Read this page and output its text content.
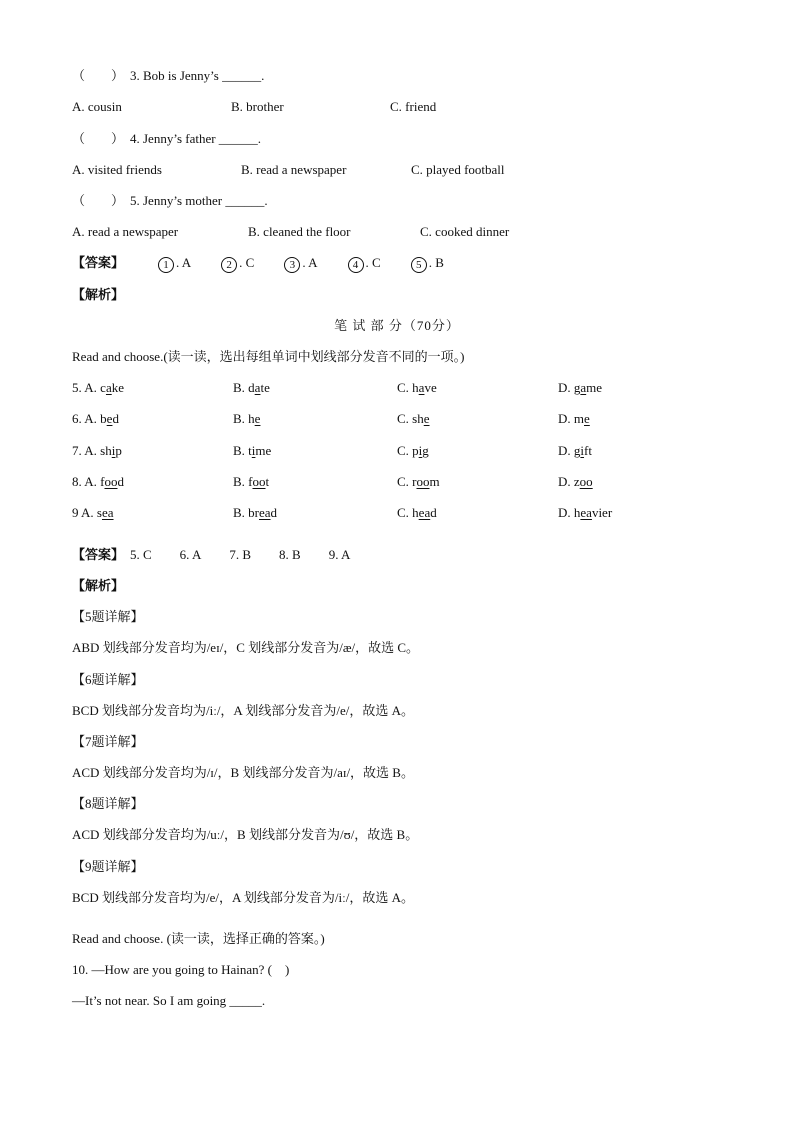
（　　） 3. Bob is Jenny’s ______.
A. cousin	B. brother	C. friend
（　　） 4. Jenny’s father ______.
A. visited friends	B. read a newspaper	C. played football
（　　） 5. Jenny’s mother ______.
A. read a newspaper	B. cleaned the floor	C. cooked dinner
【答案】	1 . A	2 . C	3 . A	4 . C	5 . B
【解析】
笔 试 部 分（70分）
Read and choose.(读一读，选出每组单词中划线部分发音不同的一项。)
5. A. cake	B. date	C. have	D. game
6. A. bed	B. he	C. she	D. me
7. A. ship	B. time	C. pig	D. gift
8. A. food	B. foot	C. room	D. zoo
9 A. sea	B. bread	C. head	D. heavier
【答案】 5. C 6. A 7. B 8. B 9. A
【解析】
【5题详解】
ABD 划线部分发音均为/eɪ/，C 划线部分发音为/æ/，故选 C。
【6题详解】
BCD 划线部分发音均为/iː/，A 划线部分发音为/e/，故选 A。
【7题详解】
ACD 划线部分发音均为/ɪ/，B 划线部分发音为/aɪ/，故选 B。
【8题详解】
ACD 划线部分发音均为/uː/，B 划线部分发音为/ʊ/，故选 B。
【9题详解】
BCD 划线部分发音均为/e/，A 划线部分发音为/iː/，故选 A。
Read and choose. (读一读，选择正确的答案。)
10. —How are you going to Hainan? (　)
—It’s not near. So I am going _____.
